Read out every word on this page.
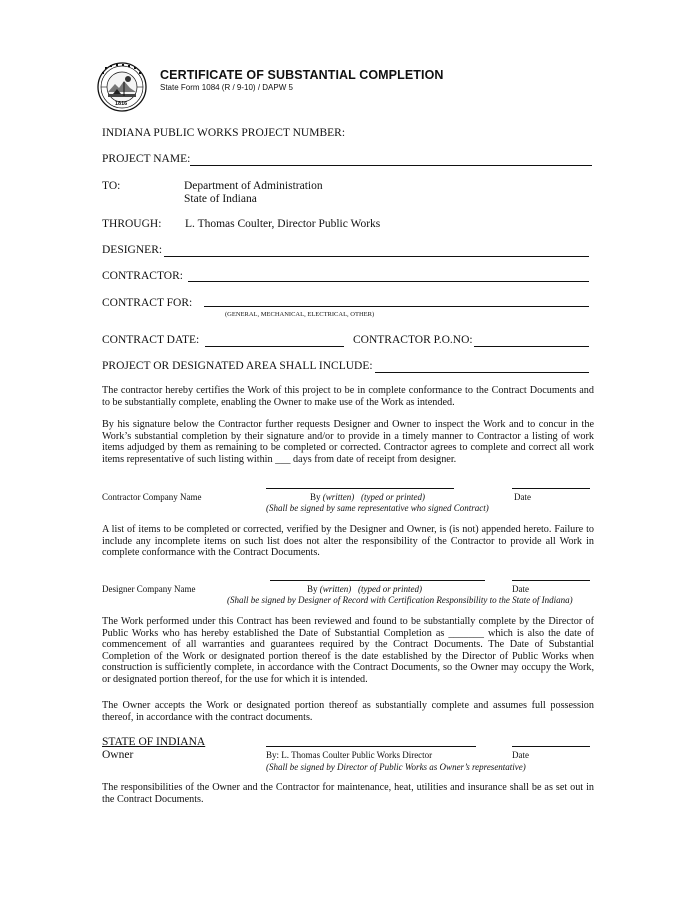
1816
CERTIFICATE OF SUBSTANTIAL COMPLETION
State Form 1084 (R / 9-10) / DAPW 5
INDIANA PUBLIC WORKS PROJECT NUMBER:
PROJECT NAME:
TO:	Department of Administration
State of Indiana
THROUGH: L. Thomas Coulter, Director Public Works
DESIGNER:
CONTRACTOR:
CONTRACT FOR:
(GENERAL, MECHANICAL, ELECTRICAL, OTHER)
CONTRACT DATE:	CONTRACTOR P.O.NO:
PROJECT OR DESIGNATED AREA SHALL INCLUDE:
The contractor hereby certifies the Work of this project to be in complete conformance to the Contract Documents and to be substantially complete, enabling the Owner to make use of the Work as intended.
By his signature below the Contractor further requests Designer and Owner to inspect the Work and to concur in the Work’s substantial completion by their signature and/or to provide in a timely manner to Contractor a listing of work items adjudged by them as remaining to be completed or corrected. Contractor agrees to complete and correct all work items representative of such listing within ___ days from date of receipt from designer.
Contractor Company Name	By (written) (typed or printed)	Date
(Shall be signed by same representative who signed Contract)
A list of items to be completed or corrected, verified by the Designer and Owner, is (is not) appended hereto. Failure to include any incomplete items on such list does not alter the responsibility of the Contractor to provide all Work in complete conformance with the Contract Documents.
Designer Company Name	By (written) (typed or printed)	Date
(Shall be signed by Designer of Record with Certification Responsibility to the State of Indiana)
The Work performed under this Contract has been reviewed and found to be substantially complete by the Director of Public Works who has hereby established the Date of Substantial Completion as _______ which is also the date of commencement of all warranties and guarantees required by the Contract Documents. The Date of Substantial Completion of the Work or designated portion thereof is the date established by the Director of Public Works when construction is sufficiently complete, in accordance with the Contract Documents, so the Owner may occupy the Work, or designated portion thereof, for the use for which it is intended.
The Owner accepts the Work or designated portion thereof as substantially complete and assumes full possession thereof, in accordance with the contract documents.
STATE OF INDIANA
Owner	By: L. Thomas Coulter Public Works Director	Date
(Shall be signed by Director of Public Works as Owner’s representative)
The responsibilities of the Owner and the Contractor for maintenance, heat, utilities and insurance shall be as set out in the Contract Documents.
